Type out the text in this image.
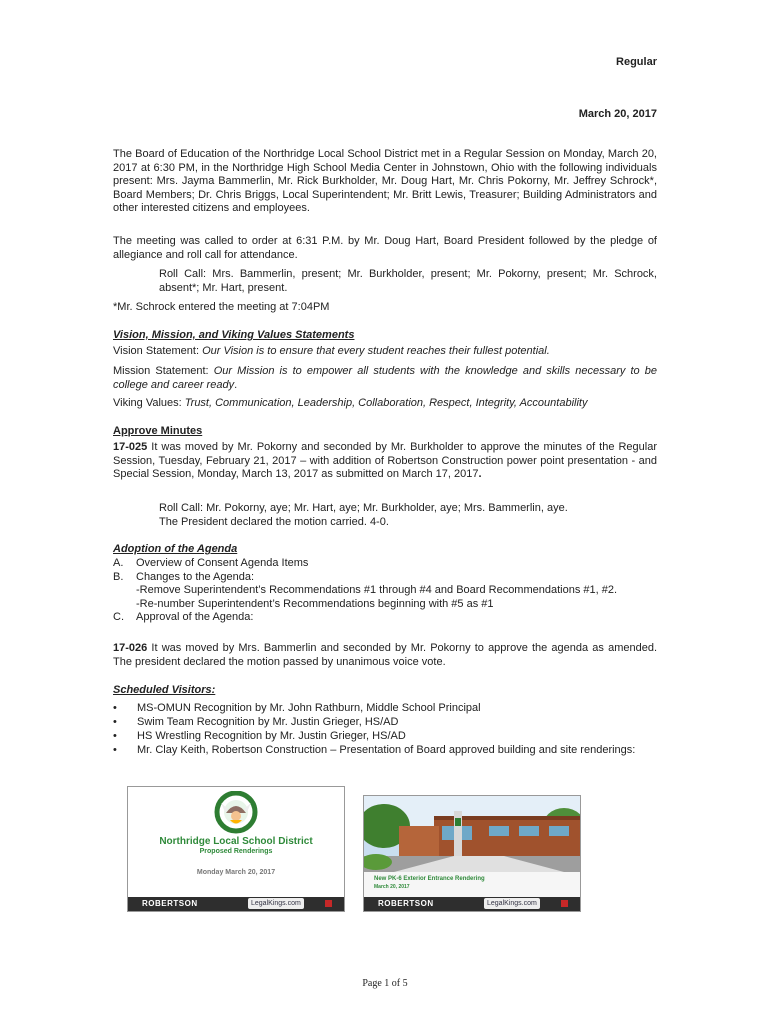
Regular
March 20, 2017
The Board of Education of the Northridge Local School District met in a Regular Session on Monday, March 20, 2017 at 6:30 PM, in the Northridge High School Media Center in Johnstown, Ohio with the following individuals present: Mrs. Jayma Bammerlin, Mr. Rick Burkholder, Mr. Doug Hart, Mr. Chris Pokorny, Mr. Jeffrey Schrock*, Board Members; Dr. Chris Briggs, Local Superintendent; Mr. Britt Lewis, Treasurer; Building Administrators and other interested citizens and employees.
The meeting was called to order at 6:31 P.M. by Mr. Doug Hart, Board President followed by the pledge of allegiance and roll call for attendance.
Roll Call: Mrs. Bammerlin, present; Mr. Burkholder, present; Mr. Pokorny, present; Mr. Schrock, absent*; Mr. Hart, present.
*Mr. Schrock entered the meeting at 7:04PM
Vision, Mission, and Viking Values Statements
Vision Statement: Our Vision is to ensure that every student reaches their fullest potential.
Mission Statement: Our Mission is to empower all students with the knowledge and skills necessary to be college and career ready.
Viking Values: Trust, Communication, Leadership, Collaboration, Respect, Integrity, Accountability
Approve Minutes
17-025 It was moved by Mr. Pokorny and seconded by Mr. Burkholder to approve the minutes of the Regular Session, Tuesday, February 21, 2017 – with addition of Robertson Construction power point presentation - and Special Session, Monday, March 13, 2017 as submitted on March 17, 2017.
Roll Call: Mr. Pokorny, aye; Mr. Hart, aye; Mr. Burkholder, aye; Mrs. Bammerlin, aye.
The President declared the motion carried. 4-0.
Adoption of the Agenda
A. Overview of Consent Agenda Items
B. Changes to the Agenda:
-Remove Superintendent’s Recommendations #1 through #4 and Board Recommendations #1, #2.
-Re-number Superintendent’s Recommendations beginning with #5 as #1
C. Approval of the Agenda:
17-026 It was moved by Mrs. Bammerlin and seconded by Mr. Pokorny to approve the agenda as amended. The president declared the motion passed by unanimous voice vote.
Scheduled Visitors:
• MS-OMUN Recognition by Mr. John Rathburn, Middle School Principal
• Swim Team Recognition by Mr. Justin Grieger, HS/AD
• HS Wrestling Recognition by Mr. Justin Grieger, HS/AD
• Mr. Clay Keith, Robertson Construction – Presentation of Board approved building and site renderings:
Northridge Local School District
Proposed Renderings
Monday March 20, 2017
ROBERTSON	LegalKings.com
New PK-6 Exterior Entrance Rendering
March 20, 2017
ROBERTSON	LegalKings.com
Page 1 of 5
